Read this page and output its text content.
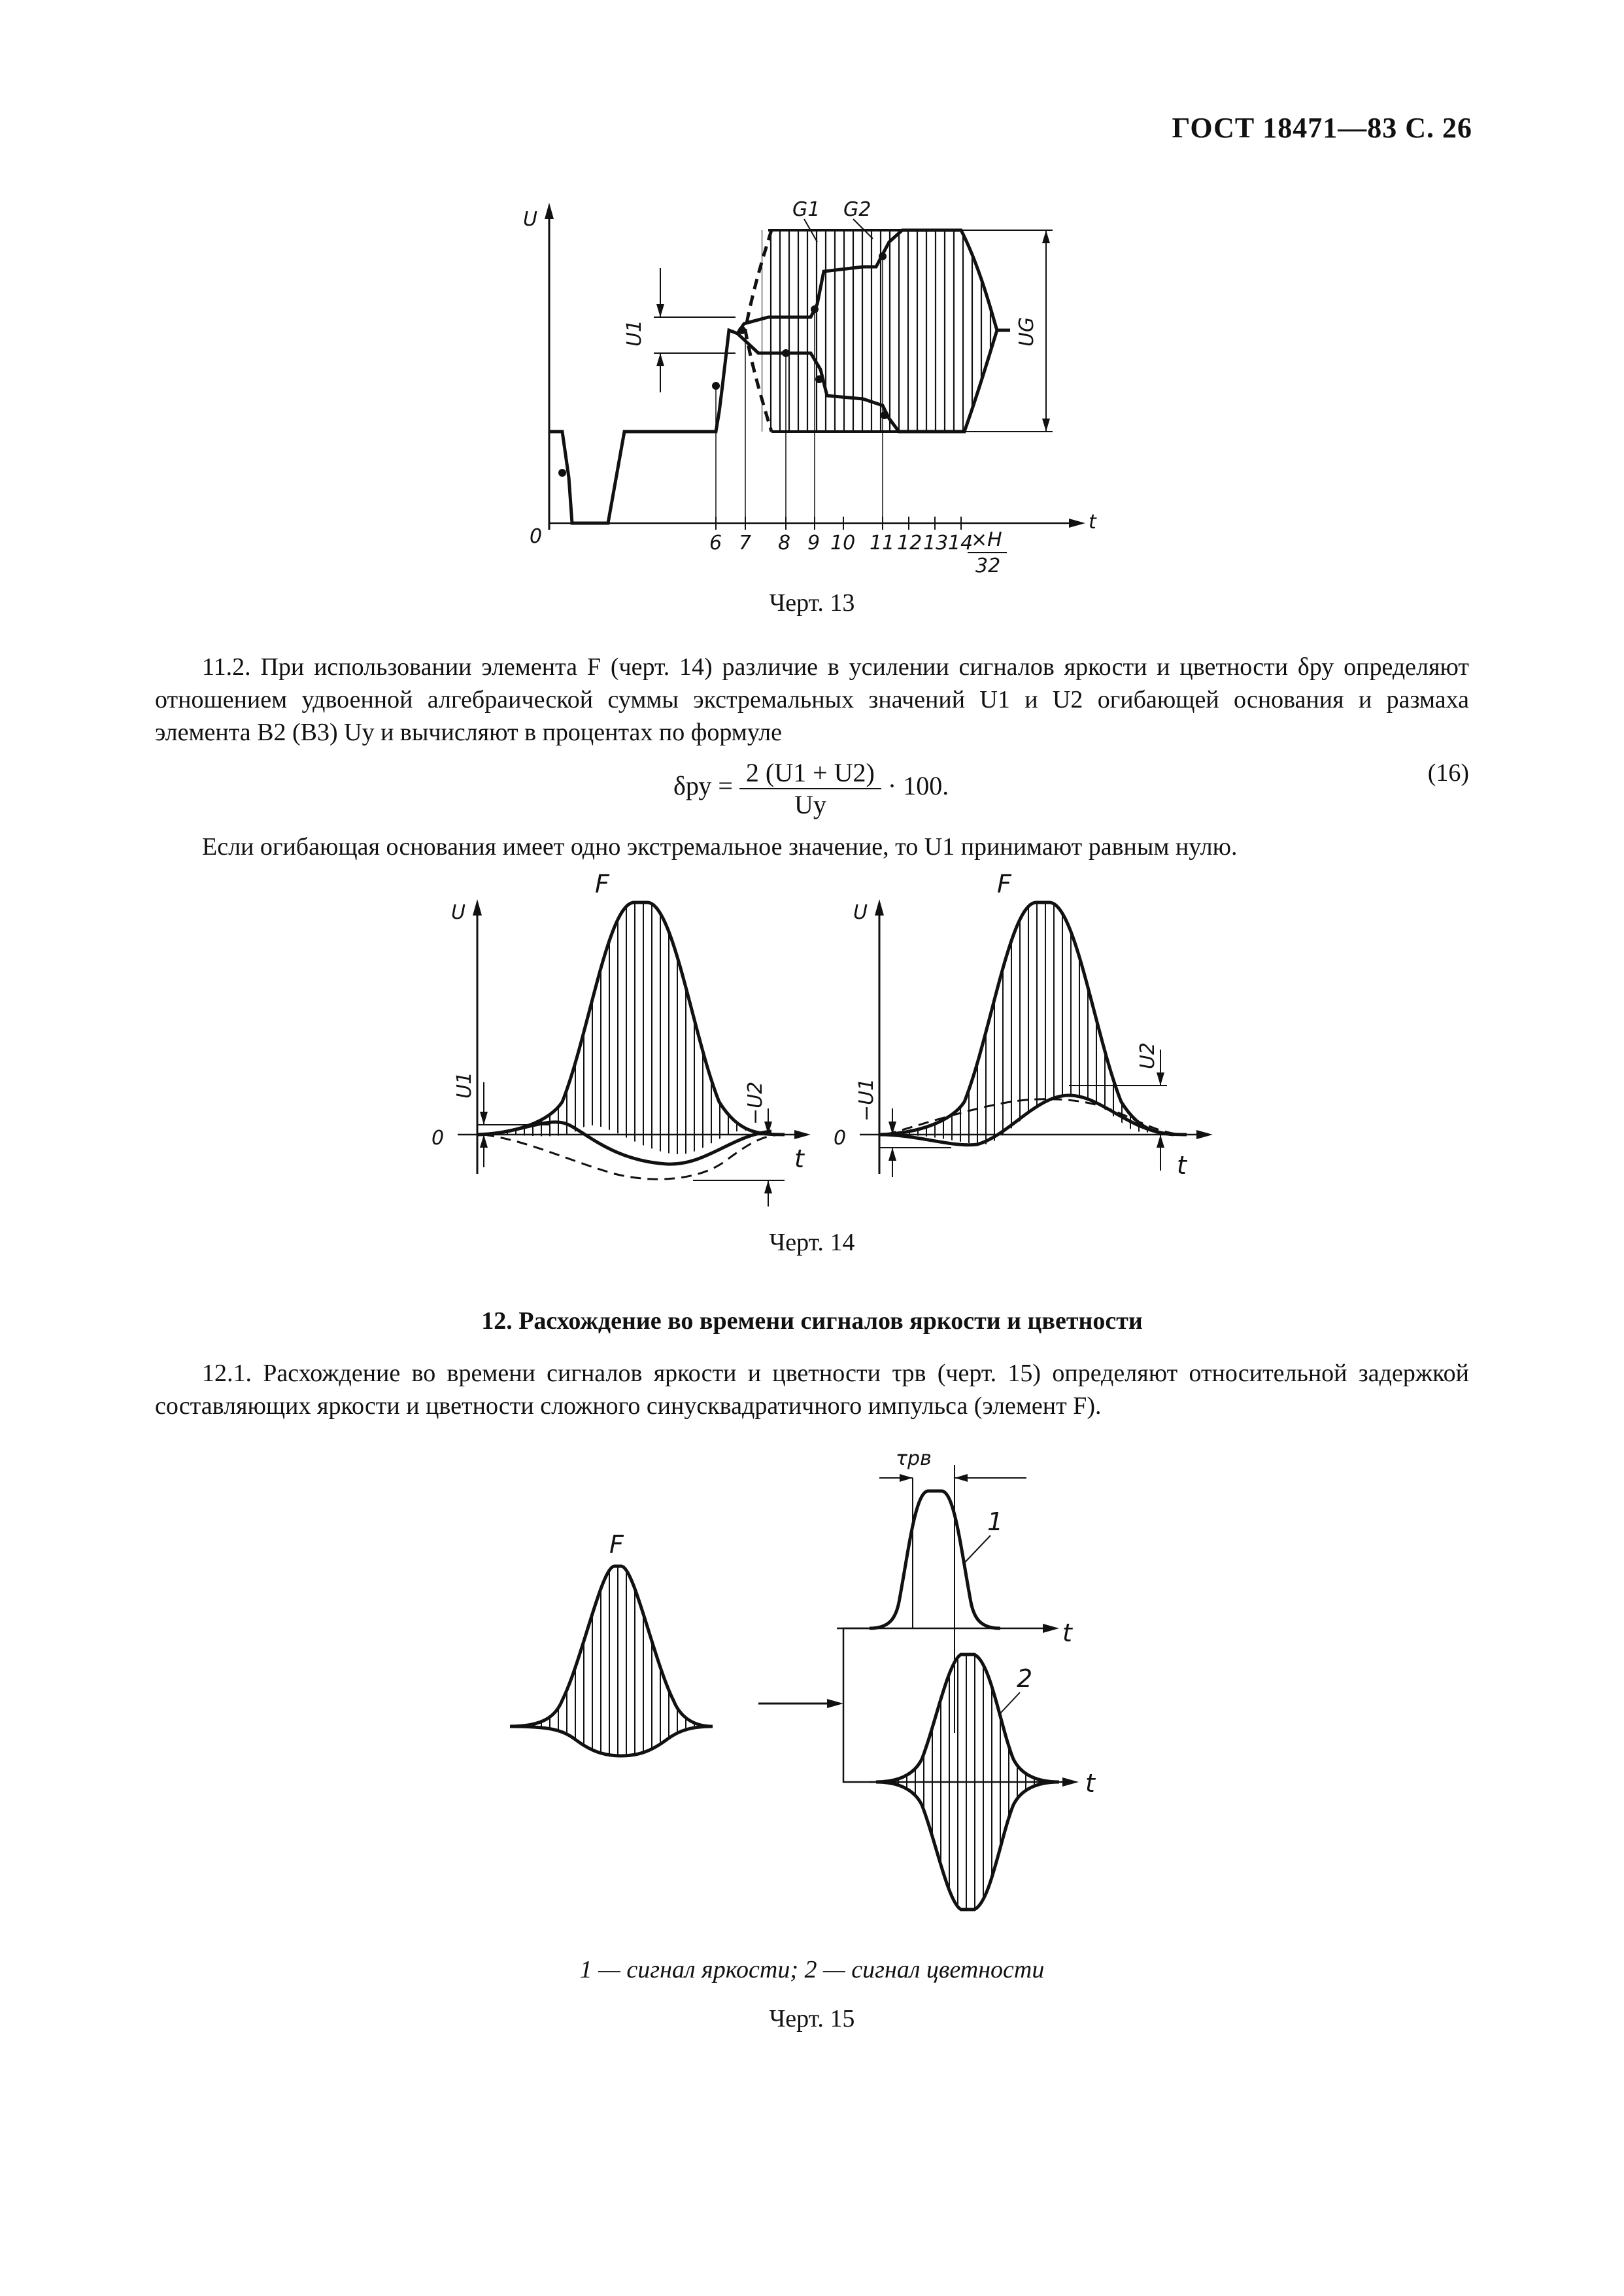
ГОСТ 18471—83 С. 26
U
0
t
G1 G2
U1	UG
6 7 8 9 10 11 12 13 14
×H
32
Черт. 13
11.2. При использовании элемента F (черт. 14) различие в усилении сигналов яркости и цветности δру определяют отношением удвоенной алгебраической суммы экстремальных значений U1 и U2 огибающей основания и размаха элемента B2 (B3) Uу и вычисляют в процентах по формуле
$\delta ру = \frac{2 (U1 + U2)}{Uу} \cdot 100$.	(16)
Если огибающая основания имеет одно экстремальное значение, то U1 принимают равным нулю.
F
U
0
t
U1	−U2
F
U
0
t
−U1
U2
Черт. 14
12. Расхождение во времени сигналов яркости и цветности
12.1. Расхождение во времени сигналов яркости и цветности τрв (черт. 15) определяют относительной задержкой составляющих яркости и цветности сложного синусквадратичного импульса (элемент F).
F
t
1
τрв
t
2
1 — сигнал яркости; 2 — сигнал цветности
Черт. 15
